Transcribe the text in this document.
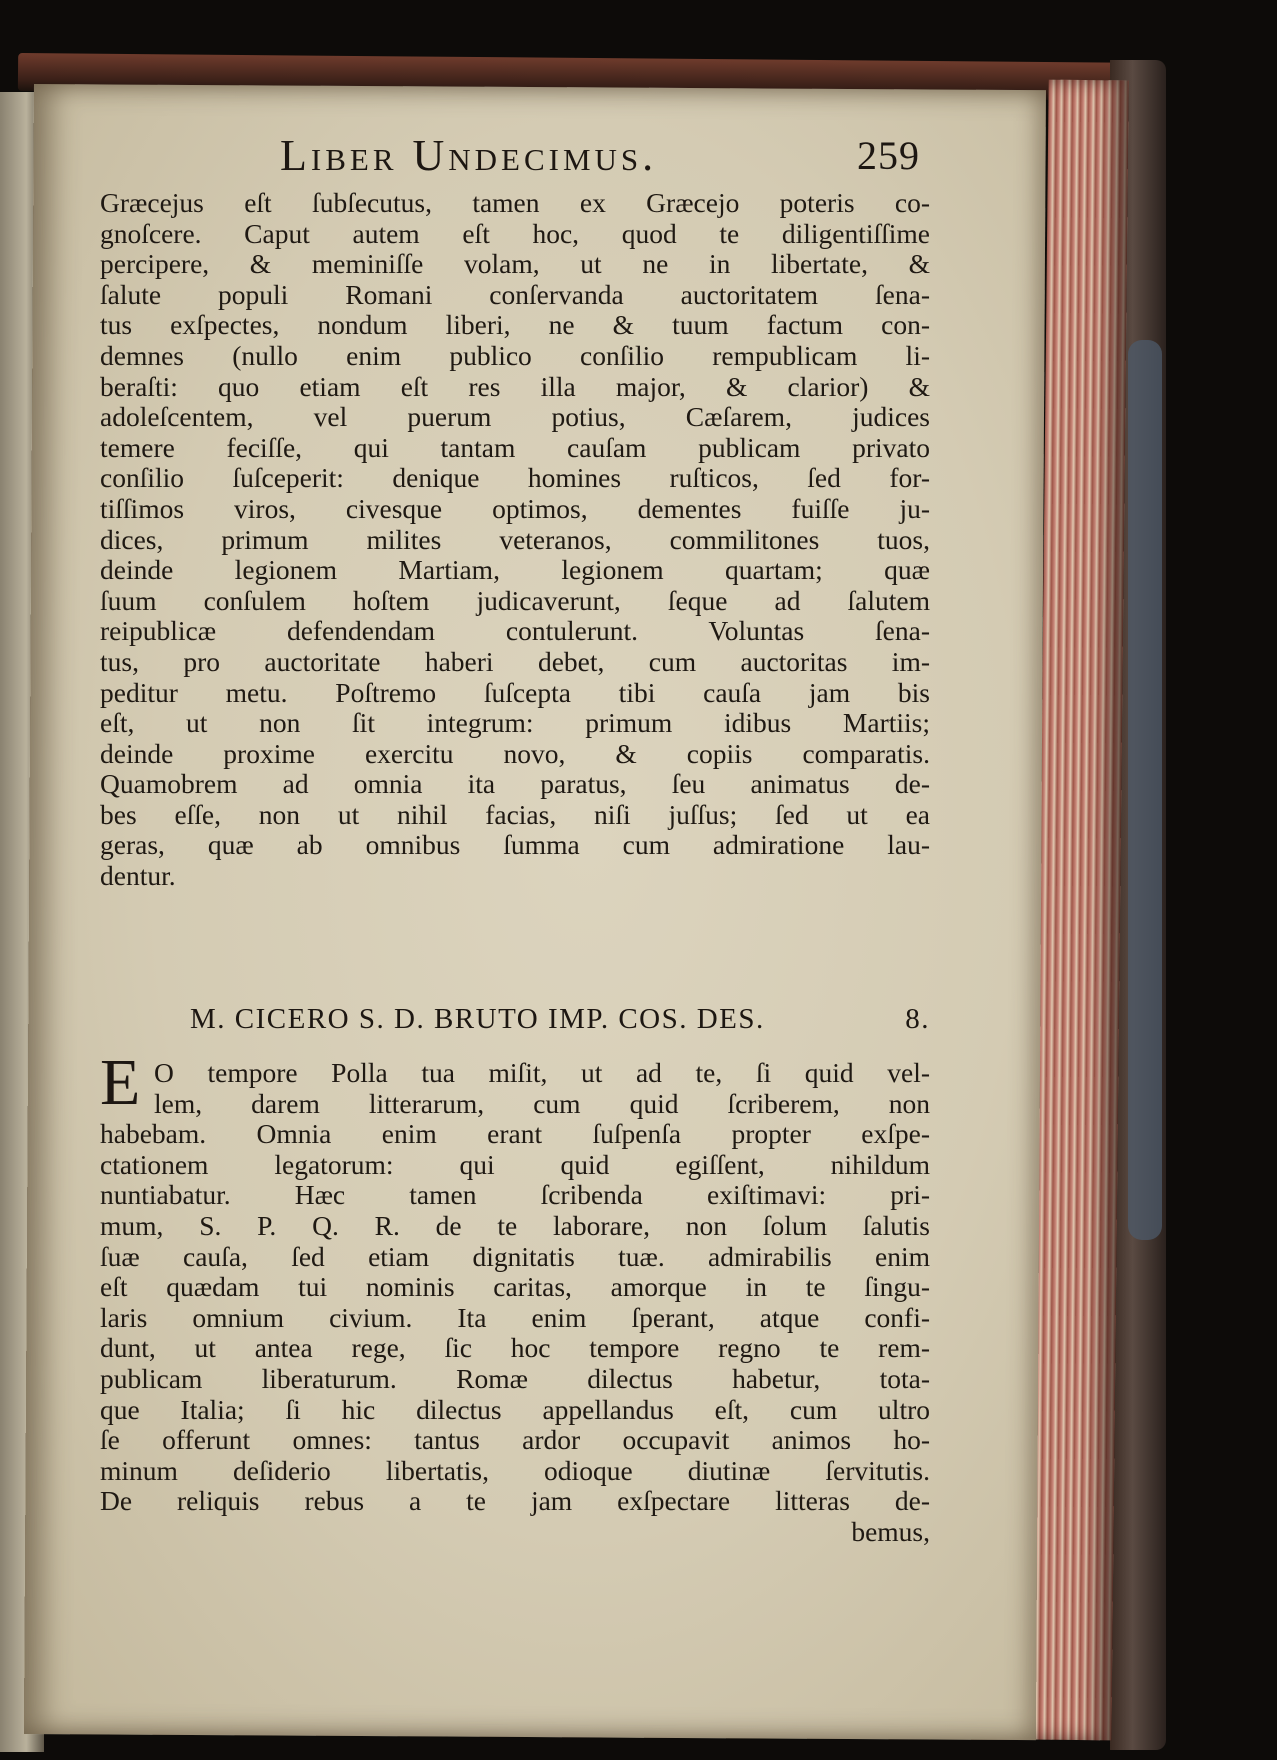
Liber Undecimus.	259
Græcejus eſt ſubſecutus, tamen ex Græcejo poteris co-
gnoſcere. Caput autem eſt hoc, quod te diligentiſſime
percipere, & meminiſſe volam, ut ne in libertate, &
ſalute populi Romani conſervanda auctoritatem ſena-
tus exſpectes, nondum liberi, ne & tuum factum con-
demnes (nullo enim publico conſilio rempublicam li-
beraſti: quo etiam eſt res illa major, & clarior) &
adoleſcentem, vel puerum potius, Cæſarem, judices
temere feciſſe, qui tantam cauſam publicam privato
conſilio ſuſceperit: denique homines ruſticos, ſed for-
tiſſimos viros, civesque optimos, dementes fuiſſe ju-
dices, primum milites veteranos, commilitones tuos,
deinde legionem Martiam, legionem quartam; quæ
ſuum conſulem hoſtem judicaverunt, ſeque ad ſalutem
reipublicæ defendendam contulerunt. Voluntas ſena-
tus, pro auctoritate haberi debet, cum auctoritas im-
peditur metu. Poſtremo ſuſcepta tibi cauſa jam bis
eſt, ut non ſit integrum: primum idibus Martiis;
deinde proxime exercitu novo, & copiis comparatis.
Quamobrem ad omnia ita paratus, ſeu animatus de-
bes eſſe, non ut nihil facias, niſi juſſus; ſed ut ea
geras, quæ ab omnibus ſumma cum admiratione lau-
dentur.
M. CICERO S. D. BRUTO IMP. COS. DES.	8.
E O tempore Polla tua miſit, ut ad te, ſi quid vel-
lem, darem litterarum, cum quid ſcriberem, non
habebam. Omnia enim erant ſuſpenſa propter exſpe-
ctationem legatorum: qui quid egiſſent, nihildum
nuntiabatur. Hæc tamen ſcribenda exiſtimavi: pri-
mum, S. P. Q. R. de te laborare, non ſolum ſalutis
ſuæ cauſa, ſed etiam dignitatis tuæ. admirabilis enim
eſt quædam tui nominis caritas, amorque in te ſingu-
laris omnium civium. Ita enim ſperant, atque confi-
dunt, ut antea rege, ſic hoc tempore regno te rem-
publicam liberaturum. Romæ dilectus habetur, tota-
que Italia; ſi hic dilectus appellandus eſt, cum ultro
ſe offerunt omnes: tantus ardor occupavit animos ho-
minum deſiderio libertatis, odioque diutinæ ſervitutis.
De reliquis rebus a te jam exſpectare litteras de-
bemus,
